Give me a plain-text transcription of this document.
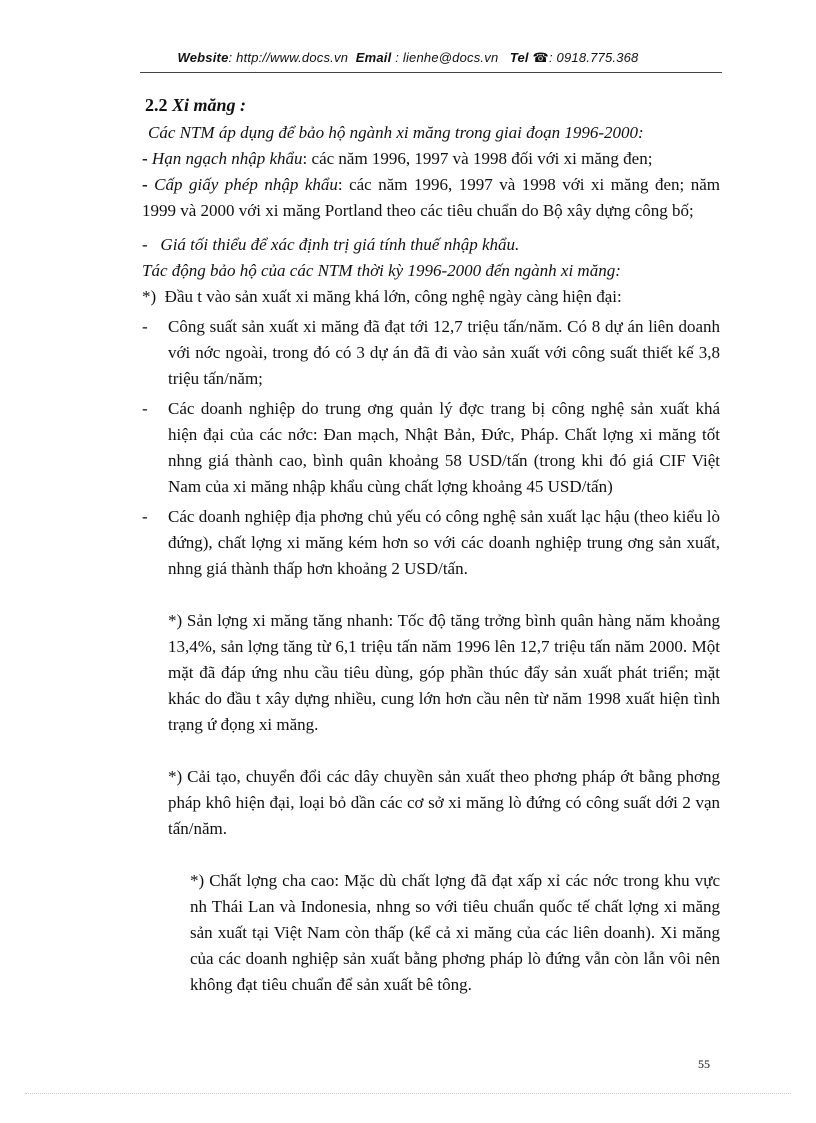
Website: http://www.docs.vn Email : lienhe@docs.vn Tel ☎: 0918.775.368

2.2 Xi măng :

Các NTM áp dụng để bảo hộ ngành xi măng trong giai đoạn 1996-2000:

- Hạn ngạch nhập khẩu: các năm 1996, 1997 và 1998 đối với xi măng đen;

- Cấp giấy phép nhập khẩu: các năm 1996, 1997 và 1998 với xi măng đen; năm 1999 và 2000 với xi măng Portland theo các tiêu chuẩn do Bộ xây dựng công bố;

- Giá tối thiểu để xác định trị giá tính thuế nhập khẩu.

Tác động bảo hộ của các NTM thời kỳ 1996-2000 đến ngành xi măng:

*) Đầu t vào sản xuất xi măng khá lớn, công nghệ ngày càng hiện đại:

- Công suất sản xuất xi măng đã đạt tới 12,7 triệu tấn/năm. Có 8 dự án liên doanh với nớc ngoài, trong đó có 3 dự án đã đi vào sản xuất với công suất thiết kế 3,8 triệu tấn/năm;
- Các doanh nghiệp do trung ơng quản lý đợc trang bị công nghệ sản xuất khá hiện đại của các nớc: Đan mạch, Nhật Bản, Đức, Pháp. Chất lợng xi măng tốt nhng giá thành cao, bình quân khoảng 58 USD/tấn (trong khi đó giá CIF Việt Nam của xi măng nhập khẩu cùng chất lợng khoảng 45 USD/tấn)
- Các doanh nghiệp địa phơng chủ yếu có công nghệ sản xuất lạc hậu (theo kiểu lò đứng), chất lợng xi măng kém hơn so với các doanh nghiệp trung ơng sản xuất, nhng giá thành thấp hơn khoảng 2 USD/tấn.

*) Sản lợng xi măng tăng nhanh: Tốc độ tăng trởng bình quân hàng năm khoảng 13,4%, sản lợng tăng từ 6,1 triệu tấn năm 1996 lên 12,7 triệu tấn năm 2000. Một mặt đã đáp ứng nhu cầu tiêu dùng, góp phần thúc đẩy sản xuất phát triển; mặt khác do đầu t xây dựng nhiều, cung lớn hơn cầu nên từ năm 1998 xuất hiện tình trạng ứ đọng xi măng.

*) Cải tạo, chuyển đổi các dây chuyền sản xuất theo phơng pháp ớt bằng phơng pháp khô hiện đại, loại bỏ dần các cơ sở xi măng lò đứng có công suất dới 2 vạn tấn/năm.

*) Chất lợng cha cao: Mặc dù chất lợng đã đạt xấp xỉ các nớc trong khu vực nh Thái Lan và Indonesia, nhng so với tiêu chuẩn quốc tế chất lợng xi măng sản xuất tại Việt Nam còn thấp (kể cả xi măng của các liên doanh). Xi măng của các doanh nghiệp sản xuất bằng phơng pháp lò đứng vẫn còn lẫn vôi nên không đạt tiêu chuẩn để sản xuất bê tông.

55
